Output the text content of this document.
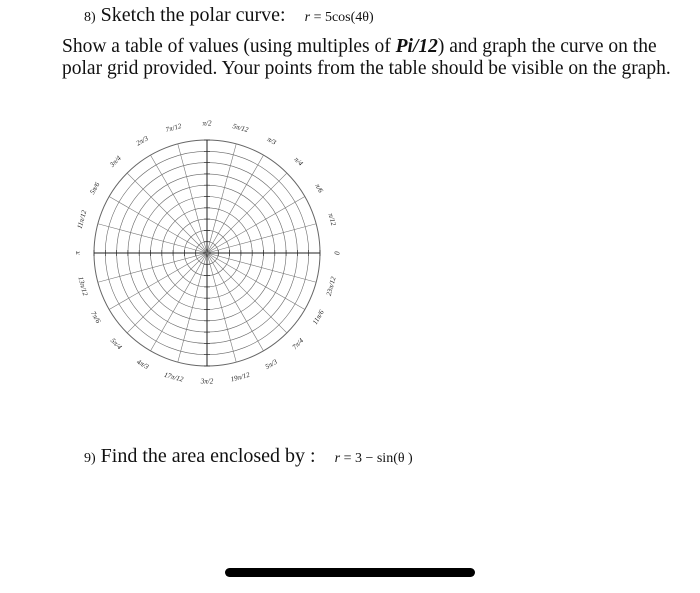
8) Sketch the polar curve: r = 5cos(4θ)
Show a table of values (using multiples of Pi/12) and graph the curve on the polar grid provided. Your points from the table should be visible on the graph.
0
π/12
π/6
π/4
π/3
5π/12
π/2
7π/12
2π/3
3π/4
5π/6
11π/12
π
13π/12
7π/6
5π/4
4π/3
17π/12 3π/2 19π/12
5π/3
7π/4
11π/6
23π/12
9) Find the area enclosed by : r = 3 − sin(θ )
